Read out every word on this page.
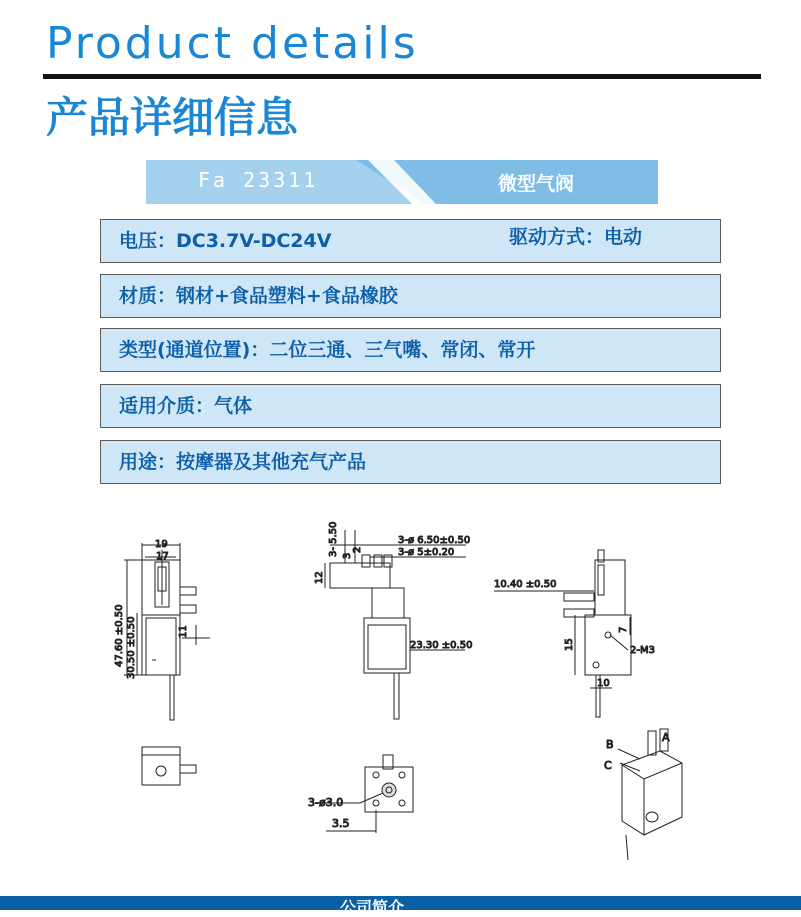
Product details
产品详细信息
Fa 23311	微型气阀
电压：DC3.7V-DC24V	驱动方式：电动
材质：钢材+食品塑料+食品橡胶
类型(通道位置)：二位三通、三气嘴、常闭、常开
适用介质：气体
用途：按摩器及其他充气产品
19
17
47.60 ±0.50 30.50 ±0.50	11
3- 5.50 3
2
3-ø 6.50±0.50
3-ø 5±0.20
12
23.30 ±0.50
10.40 ±0.50
7
2-M3
15
10
3-ø3.0
3.5
A
B
C
公司简介
